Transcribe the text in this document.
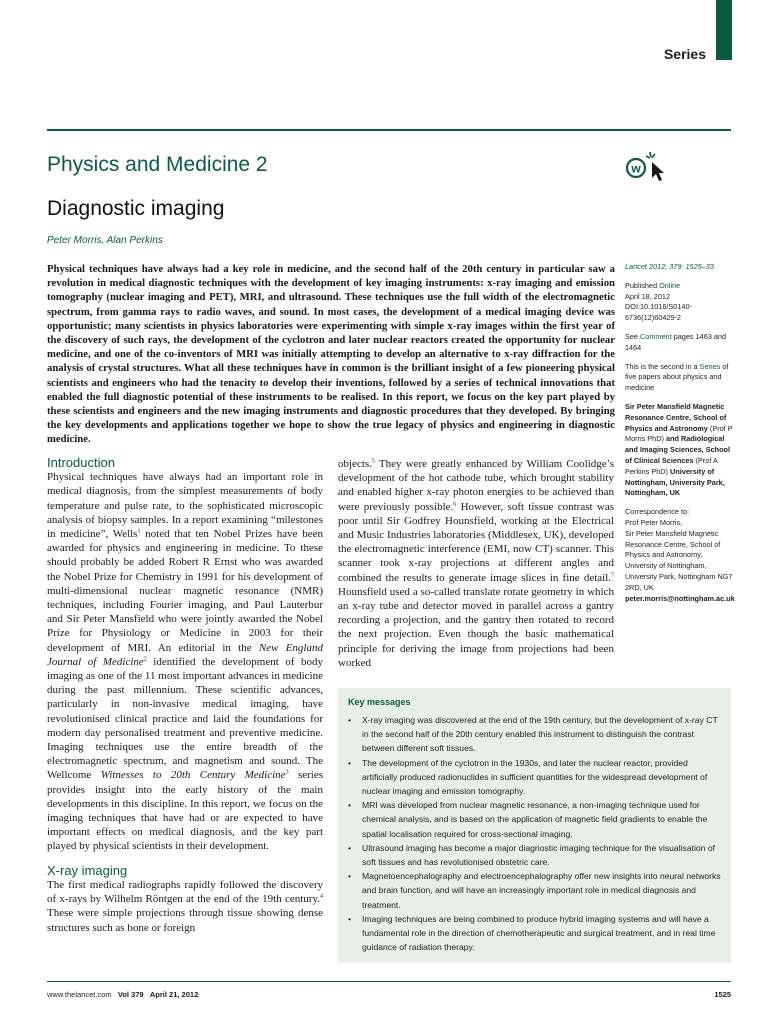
Series
Physics and Medicine 2
Diagnostic imaging
Peter Morris, Alan Perkins
w
Physical techniques have always had a key role in medicine, and the second half of the 20th century in particular saw a revolution in medical diagnostic techniques with the development of key imaging instruments: x-ray imaging and emission tomography (nuclear imaging and PET), MRI, and ultrasound. These techniques use the full width of the electromagnetic spectrum, from gamma rays to radio waves, and sound. In most cases, the development of a medical imaging device was opportunistic; many scientists in physics laboratories were experimenting with simple x-ray images within the first year of the discovery of such rays, the development of the cyclotron and later nuclear reactors created the opportunity for nuclear medicine, and one of the co-inventors of MRI was initially attempting to develop an alternative to x-ray diffraction for the analysis of crystal structures. What all these techniques have in common is the brilliant insight of a few pioneering physical scientists and engineers who had the tenacity to develop their inventions, followed by a series of technical innovations that enabled the full diagnostic potential of these instruments to be realised. In this report, we focus on the key part played by these scientists and engineers and the new imaging instruments and diagnostic procedures that they developed. By bringing the key developments and applications together we hope to show the true legacy of physics and engineering in diagnostic medicine.

Lancet 2012; 379: 1525–33

Published Online

April 18, 2012

DOI:10.1016/S0140-6736(12)60429-2

See Comment pages 1463 and 1464

This is the second in a Series of five papers about physics and medicine

Sir Peter Mansfield Magnetic Resonance Centre, School of Physics and Astronomy (Prof P Morris PhD) and Radiological and Imaging Sciences, School of Clinical Sciences (Prof A Perkins PhD) University of Nottingham, University Park, Nottingham, UK

Correspondence to:

Prof Peter Morris,

Sir Peter Mansfield Magnetic Resonance Centre, School of Physics and Astronomy,

University of Nottingham, University Park, Nottingham NG7 2RD, UK

peter.morris@nottingham.ac.uk

Introduction

Physical techniques have always had an important role in medical diagnosis, from the simplest measurements of body temperature and pulse rate, to the sophisticated microscopic analysis of biopsy samples. In a report examining “milestones in medicine”, Wells$^1$ noted that ten Nobel Prizes have been awarded for physics and engineering in medicine. To these should probably be added Robert R Ernst who was awarded the Nobel Prize for Chemistry in 1991 for his development of multi-dimensional nuclear magnetic resonance (NMR) techniques, including Fourier imaging, and Paul Lauterbur and Sir Peter Mansfield who were jointly awarded the Nobel Prize for Physiology or Medicine in 2003 for their development of MRI. An editorial in the New England Journal of Medicine$^2$ identified the development of body imaging as one of the 11 most important advances in medicine during the past millennium. These scientific advances, particularly in non-invasive medical imaging, have revolutionised clinical practice and laid the foundations for modern day personalised treatment and preventive medicine. Imaging techniques use the entire breadth of the electromagnetic spectrum, and magnetism and sound. The Wellcome Witnesses to 20th Century Medicine$^3$ series provides insight into the early history of the main developments in this discipline. In this report, we focus on the imaging techniques that have had or are expected to have important effects on medical diagnosis, and the key part played by physical scientists in their development.

X-ray imaging

The first medical radiographs rapidly followed the discovery of x-rays by Wilhelm Röntgen at the end of the 19th century.$^4$ These were simple projections through tissue showing dense structures such as bone or foreign

objects.$^5$ They were greatly enhanced by William Coolidge’s development of the hot cathode tube, which brought stability and enabled higher x-ray photon energies to be achieved than were previously possible.$^6$ However, soft tissue contrast was poor until Sir Godfrey Hounsfield, working at the Electrical and Music Industries laboratories (Middlesex, UK), developed the electromagnetic interference (EMI, now CT) scanner. This scanner took x-ray projections at different angles and combined the results to generate image slices in fine detail.$^7$ Hounsfield used a so-called translate rotate geometry in which an x-ray tube and detector moved in parallel across a gantry recording a projection, and the gantry then rotated to record the next projection. Even though the basic mathematical principle for deriving the image from projections had been worked

Key messages
• X-ray imaging was discovered at the end of the 19th century, but the development of x-ray CT in the second half of the 20th century enabled this instrument to distinguish the contrast between different soft tissues.
• The development of the cyclotron in the 1930s, and later the nuclear reactor, provided artificially produced radionuclides in sufficient quantities for the widespread development of nuclear imaging and emission tomography.
• MRI was developed from nuclear magnetic resonance, a non-imaging technique used for chemical analysis, and is based on the application of magnetic field gradients to enable the spatial localisation required for cross-sectional imaging.
• Ultrasound imaging has become a major diagnostic imaging technique for the visualisation of soft tissues and has revolutionised obstetric care.
• Magnetoencephalography and electroencephalography offer new insights into neural networks and brain function, and will have an increasingly important role in medical diagnosis and treatment.
• Imaging techniques are being combined to produce hybrid imaging systems and will have a fundamental role in the direction of chemotherapeutic and surgical treatment, and in real time guidance of radiation therapy.
www.thelancet.com Vol 379 April 21, 2012	1525
